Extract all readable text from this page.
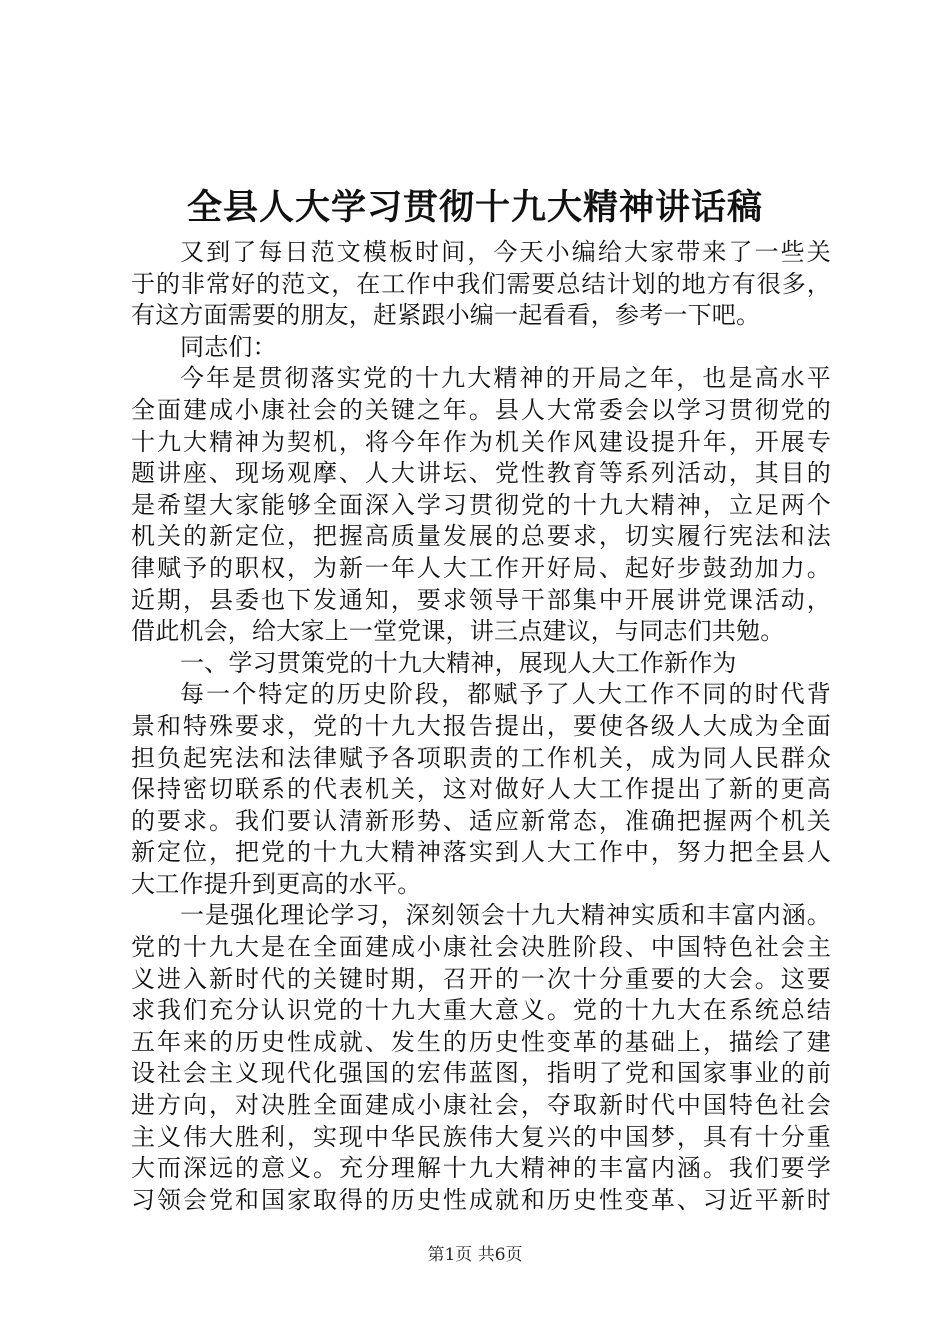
全县人大学习贯彻十九大精神讲话稿
又到了每日范文模板时间，今天小编给大家带来了一些关
于的非常好的范文，在工作中我们需要总结计划的地方有很多，
有这方面需要的朋友，赶紧跟小编一起看看，参考一下吧。
同志们：
今年是贯彻落实党的十九大精神的开局之年，也是高水平
全面建成小康社会的关键之年。县人大常委会以学习贯彻党的
十九大精神为契机，将今年作为机关作风建设提升年，开展专
题讲座、现场观摩、人大讲坛、党性教育等系列活动，其目的
是希望大家能够全面深入学习贯彻党的十九大精神，立足两个
机关的新定位，把握高质量发展的总要求，切实履行宪法和法
律赋予的职权，为新一年人大工作开好局、起好步鼓劲加力。
近期，县委也下发通知，要求领导干部集中开展讲党课活动，
借此机会，给大家上一堂党课，讲三点建议，与同志们共勉。
一、学习贯策党的十九大精神，展现人大工作新作为
每一个特定的历史阶段，都赋予了人大工作不同的时代背
景和特殊要求，党的十九大报告提出，要使各级人大成为全面
担负起宪法和法律赋予各项职责的工作机关，成为同人民群众
保持密切联系的代表机关，这对做好人大工作提出了新的更高
的要求。我们要认清新形势、适应新常态，准确把握两个机关
新定位，把党的十九大精神落实到人大工作中，努力把全县人
大工作提升到更高的水平。
一是强化理论学习，深刻领会十九大精神实质和丰富内涵。
党的十九大是在全面建成小康社会决胜阶段、中国特色社会主
义进入新时代的关键时期，召开的一次十分重要的大会。这要
求我们充分认识党的十九大重大意义。党的十九大在系统总结
五年来的历史性成就、发生的历史性变革的基础上，描绘了建
设社会主义现代化强国的宏伟蓝图，指明了党和国家事业的前
进方向，对决胜全面建成小康社会，夺取新时代中国特色社会
主义伟大胜利，实现中华民族伟大复兴的中国梦，具有十分重
大而深远的意义。充分理解十九大精神的丰富内涵。我们要学
习领会党和国家取得的历史性成就和历史性变革、习近平新时
第1页 共6页
